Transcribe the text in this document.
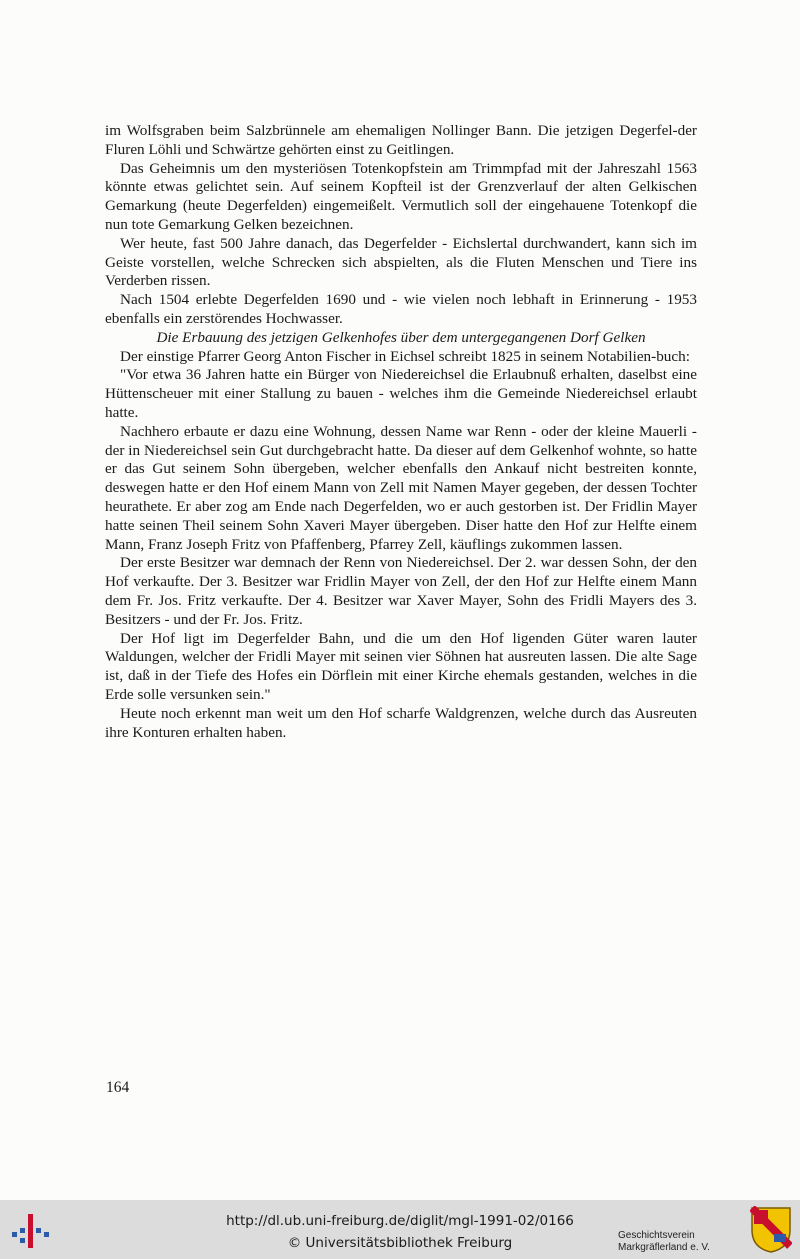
im Wolfsgraben beim Salzbrünnele am ehemaligen Nollinger Bann. Die jetzigen Degerfel-der Fluren Löhli und Schwärtze gehörten einst zu Geitlingen.

Das Geheimnis um den mysteriösen Totenkopfstein am Trimmpfad mit der Jahreszahl 1563 könnte etwas gelichtet sein. Auf seinem Kopfteil ist der Grenzverlauf der alten Gelkischen Gemarkung (heute Degerfelden) eingemeißelt. Vermutlich soll der eingehauene Totenkopf die nun tote Gemarkung Gelken bezeichnen.

Wer heute, fast 500 Jahre danach, das Degerfelder - Eichslertal durchwandert, kann sich im Geiste vorstellen, welche Schrecken sich abspielten, als die Fluten Menschen und Tiere ins Verderben rissen.

Nach 1504 erlebte Degerfelden 1690 und - wie vielen noch lebhaft in Erinnerung - 1953 ebenfalls ein zerstörendes Hochwasser.

Die Erbauung des jetzigen Gelkenhofes über dem untergegangenen Dorf Gelken

Der einstige Pfarrer Georg Anton Fischer in Eichsel schreibt 1825 in seinem Notabilien-buch:

"Vor etwa 36 Jahren hatte ein Bürger von Niedereichsel die Erlaubnuß erhalten, daselbst eine Hüttenscheuer mit einer Stallung zu bauen - welches ihm die Gemeinde Niedereichsel erlaubt hatte.

Nachhero erbaute er dazu eine Wohnung, dessen Name war Renn - oder der kleine Mauerli - der in Niedereichsel sein Gut durchgebracht hatte. Da dieser auf dem Gelkenhof wohnte, so hatte er das Gut seinem Sohn übergeben, welcher ebenfalls den Ankauf nicht bestreiten konnte, deswegen hatte er den Hof einem Mann von Zell mit Namen Mayer gegeben, der dessen Tochter heurathete. Er aber zog am Ende nach Degerfelden, wo er auch gestorben ist. Der Fridlin Mayer hatte seinen Theil seinem Sohn Xaveri Mayer übergeben. Diser hatte den Hof zur Helfte einem Mann, Franz Joseph Fritz von Pfaffenberg, Pfarrey Zell, käuflings zukommen lassen.

Der erste Besitzer war demnach der Renn von Niedereichsel. Der 2. war dessen Sohn, der den Hof verkaufte. Der 3. Besitzer war Fridlin Mayer von Zell, der den Hof zur Helfte einem Mann dem Fr. Jos. Fritz verkaufte. Der 4. Besitzer war Xaver Mayer, Sohn des Fridli Mayers des 3. Besitzers - und der Fr. Jos. Fritz.

Der Hof ligt im Degerfelder Bahn, und die um den Hof ligenden Güter waren lauter Waldungen, welcher der Fridli Mayer mit seinen vier Söhnen hat ausreuten lassen. Die alte Sage ist, daß in der Tiefe des Hofes ein Dörflein mit einer Kirche ehemals gestanden, welches in die Erde solle versunken sein."

Heute noch erkennt man weit um den Hof scharfe Waldgrenzen, welche durch das Ausreuten ihre Konturen erhalten haben.

164
http://dl.ub.uni-freiburg.de/diglit/mgl-1991-02/0166
© Universitätsbibliothek Freiburg	Geschichtsverein
Markgräflerland e. V.
